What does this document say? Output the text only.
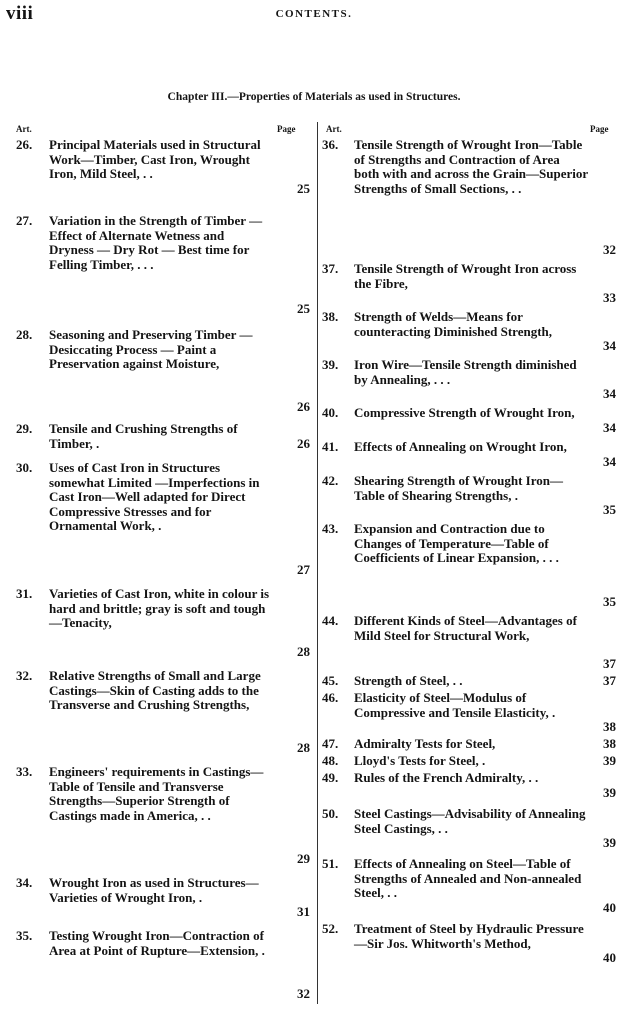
viii	CONTENTS.
Chapter III.—Properties of Materials as used in Structures.
Art.	Page	Art.	Page
26. Principal Materials used in Structural Work—Timber, Cast Iron, Wrought Iron, Mild Steel, . .
25
27. Variation in the Strength of Timber — Effect of Alternate Wetness and Dryness — Dry Rot — Best time for Felling Timber, . . .
25
28. Seasoning and Preserving Timber — Desiccating Process — Paint a Preservation against Moisture,
26
29. Tensile and Crushing Strengths of Timber, .	26
30. Uses of Cast Iron in Structures somewhat Limited —Imperfections in Cast Iron—Well adapted for Direct Compressive Stresses and for Ornamental Work, .
27
31. Varieties of Cast Iron, white in colour is hard and brittle; gray is soft and tough—Tenacity,
28
32. Relative Strengths of Small and Large Castings—Skin of Casting adds to the Transverse and Crushing Strengths,
28
33. Engineers' requirements in Castings—Table of Tensile and Transverse Strengths—Superior Strength of Castings made in America, . .
29
34. Wrought Iron as used in Structures—Varieties of Wrought Iron, .
31
35. Testing Wrought Iron—Contraction of Area at Point of Rupture—Extension, .
32
36. Tensile Strength of Wrought Iron—Table of Strengths and Contraction of Area both with and across the Grain—Superior Strengths of Small Sections, . .
32
37. Tensile Strength of Wrought Iron across the Fibre,
33
38. Strength of Welds—Means for counteracting Diminished Strength,
34
39. Iron Wire—Tensile Strength diminished by Annealing, . . .
34
40. Compressive Strength of Wrought Iron,
34
41. Effects of Annealing on Wrought Iron,
34
42. Shearing Strength of Wrought Iron—Table of Shearing Strengths, .
35
43. Expansion and Contraction due to Changes of Temperature—Table of Coefficients of Linear Expansion, . . .
35
44. Different Kinds of Steel—Advantages of Mild Steel for Structural Work,
37
45. Strength of Steel, . .	37
46. Elasticity of Steel—Modulus of Compressive and Tensile Elasticity, .
38
47. Admiralty Tests for Steel,	38
48. Lloyd's Tests for Steel, .	39
49. Rules of the French Admiralty, . .
39
50. Steel Castings—Advisability of Annealing Steel Castings, . .
39
51. Effects of Annealing on Steel—Table of Strengths of Annealed and Non-annealed Steel, . .
40
52. Treatment of Steel by Hydraulic Pressure—Sir Jos. Whitworth's Method,
40
